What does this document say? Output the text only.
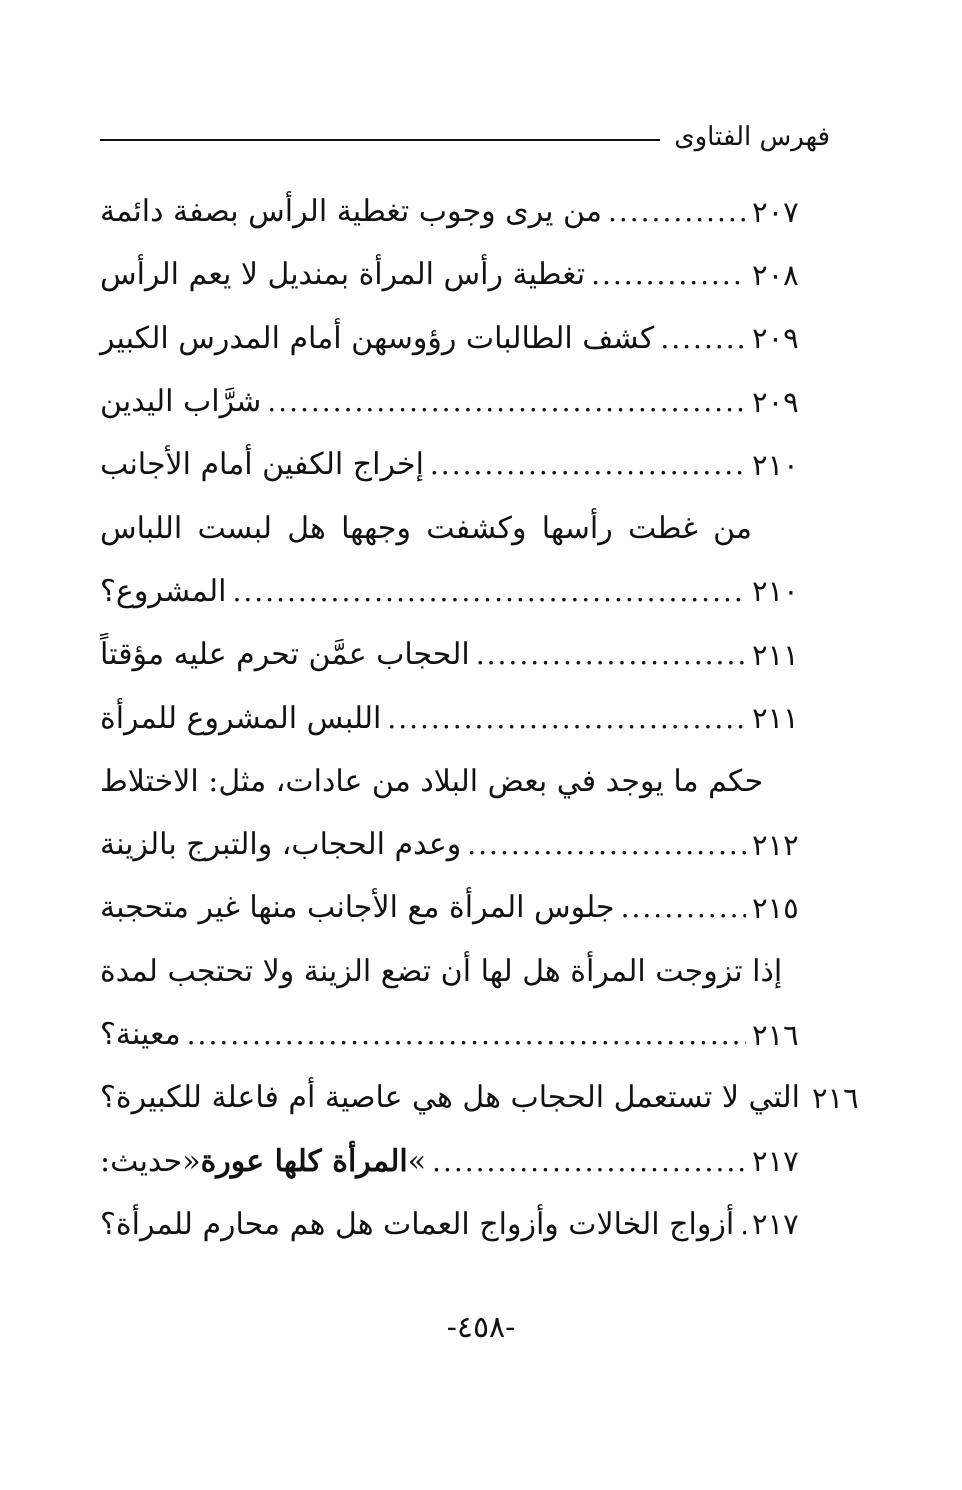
فهرس الفتاوى
من يرى وجوب تغطية الرأس بصفة دائمة .....	٢٠٧
تغطية رأس المرأة بمنديل لا يعم الرأس .....	٢٠٨
كشف الطالبات رؤوسهن أمام المدرس الكبير .....	٢٠٩
شرَّاب اليدين .....	٢٠٩
إخراج الكفين أمام الأجانب .....	٢١٠
من غطت رأسها وكشفت وجهها هل لبست اللباس
المشروع؟ .....	٢١٠
الحجاب عمَّن تحرم عليه مؤقتاً .....	٢١١
اللبس المشروع للمرأة .....	٢١١
حكم ما يوجد في بعض البلاد من عادات، مثل: الاختلاط
وعدم الحجاب، والتبرج بالزينة .....	٢١٢
جلوس المرأة مع الأجانب منها غير متحجبة .....	٢١٥
إذا تزوجت المرأة هل لها أن تضع الزينة ولا تحتجب لمدة
معينة؟ .....	٢١٦
التي لا تستعمل الحجاب هل هي عاصية أم فاعلة للكبيرة؟ ٢١٦
حديث: « المرأة كلها عورة » .....	٢١٧
أزواج الخالات وأزواج العمات هل هم محارم للمرأة؟ ..... ٢١٧
-٤٥٨-
